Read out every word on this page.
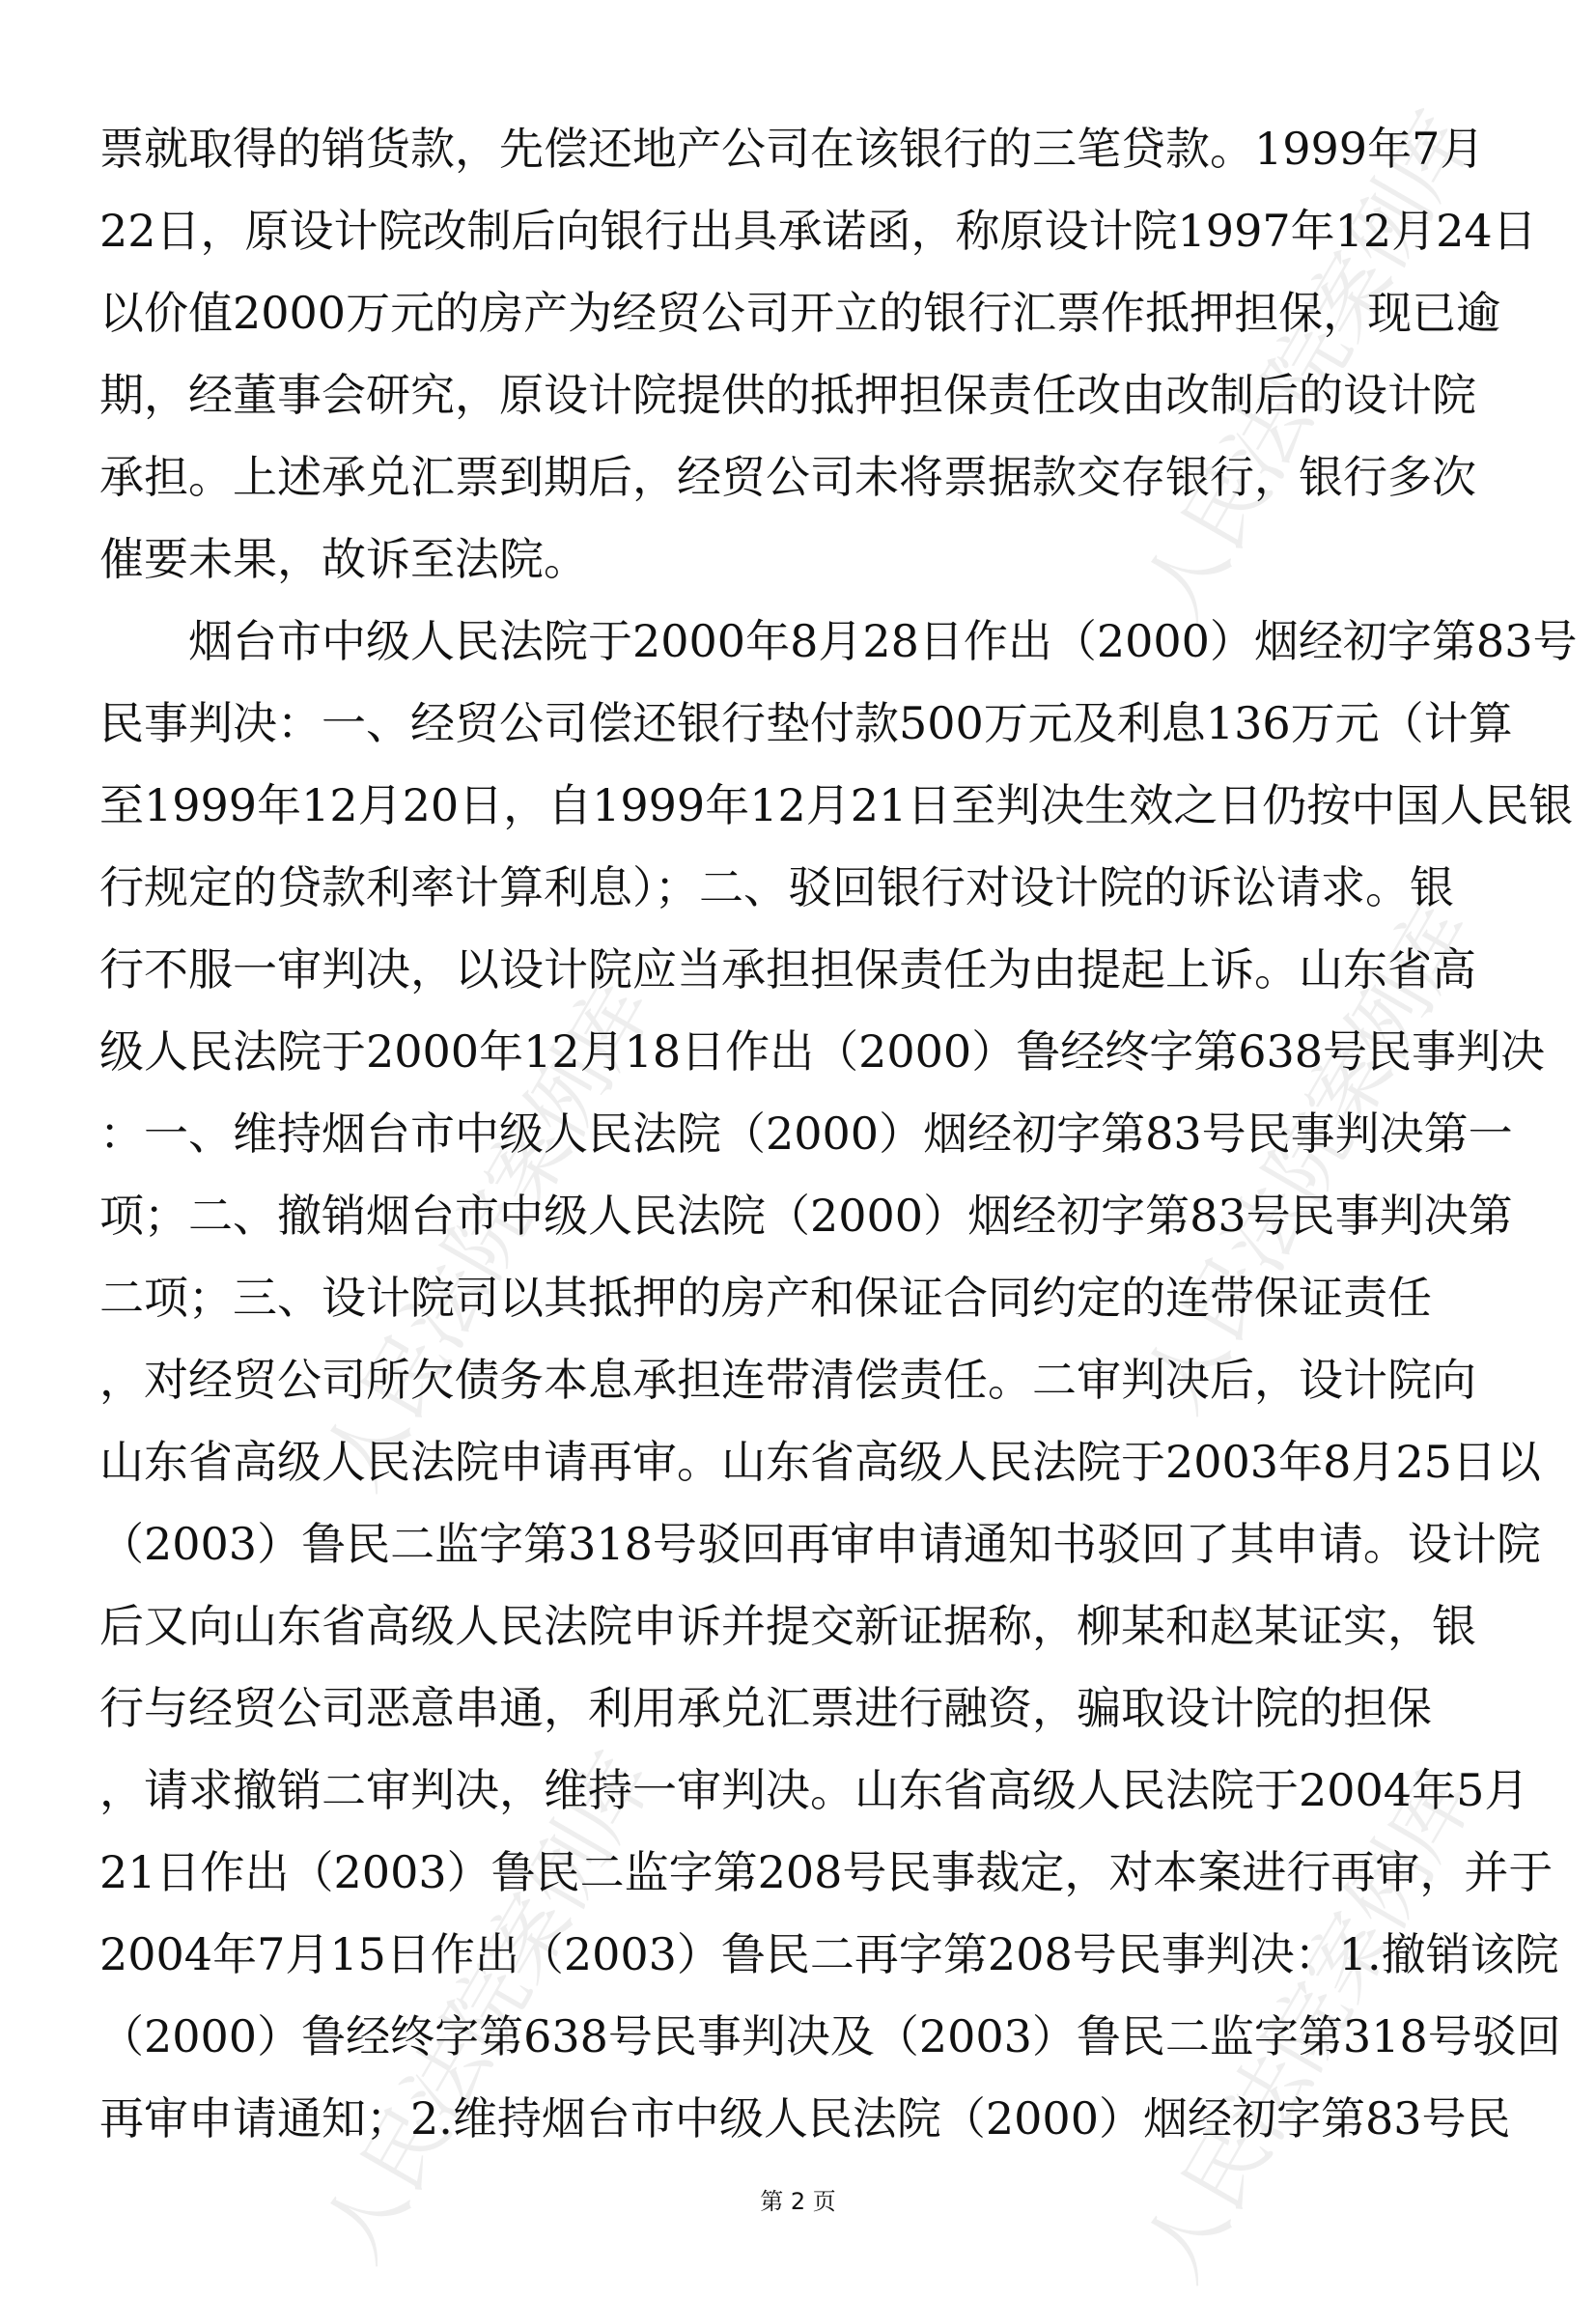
人民法院案例库	人民法院案例库
人民法院案例库
人民法院案例库
人民法院案例库
票就取得的销货款，先偿还地产公司在该银行的三笔贷款。1999年7月
22日，原设计院改制后向银行出具承诺函，称原设计院1997年12月24日
以价值2000万元的房产为经贸公司开立的银行汇票作抵押担保，现已逾
期，经董事会研究，原设计院提供的抵押担保责任改由改制后的设计院
承担。上述承兑汇票到期后，经贸公司未将票据款交存银行，银行多次
催要未果，故诉至法院。
　　烟台市中级人民法院于2000年8月28日作出（2000）烟经初字第83号
民事判决：一、经贸公司偿还银行垫付款500万元及利息136万元（计算
至1999年12月20日，自1999年12月21日至判决生效之日仍按中国人民银
行规定的贷款利率计算利息）；二、驳回银行对设计院的诉讼请求。银
行不服一审判决，以设计院应当承担担保责任为由提起上诉。山东省高
级人民法院于2000年12月18日作出（2000）鲁经终字第638号民事判决
：一、维持烟台市中级人民法院（2000）烟经初字第83号民事判决第一
项；二、撤销烟台市中级人民法院（2000）烟经初字第83号民事判决第
二项；三、设计院司以其抵押的房产和保证合同约定的连带保证责任
，对经贸公司所欠债务本息承担连带清偿责任。二审判决后，设计院向
山东省高级人民法院申请再审。山东省高级人民法院于2003年8月25日以
（2003）鲁民二监字第318号驳回再审申请通知书驳回了其申请。设计院
后又向山东省高级人民法院申诉并提交新证据称，柳某和赵某证实，银
行与经贸公司恶意串通，利用承兑汇票进行融资，骗取设计院的担保
，请求撤销二审判决，维持一审判决。山东省高级人民法院于2004年5月
21日作出（2003）鲁民二监字第208号民事裁定，对本案进行再审，并于
2004年7月15日作出（2003）鲁民二再字第208号民事判决：1.撤销该院
（2000）鲁经终字第638号民事判决及（2003）鲁民二监字第318号驳回
再审申请通知；2.维持烟台市中级人民法院（2000）烟经初字第83号民
第 2 页
